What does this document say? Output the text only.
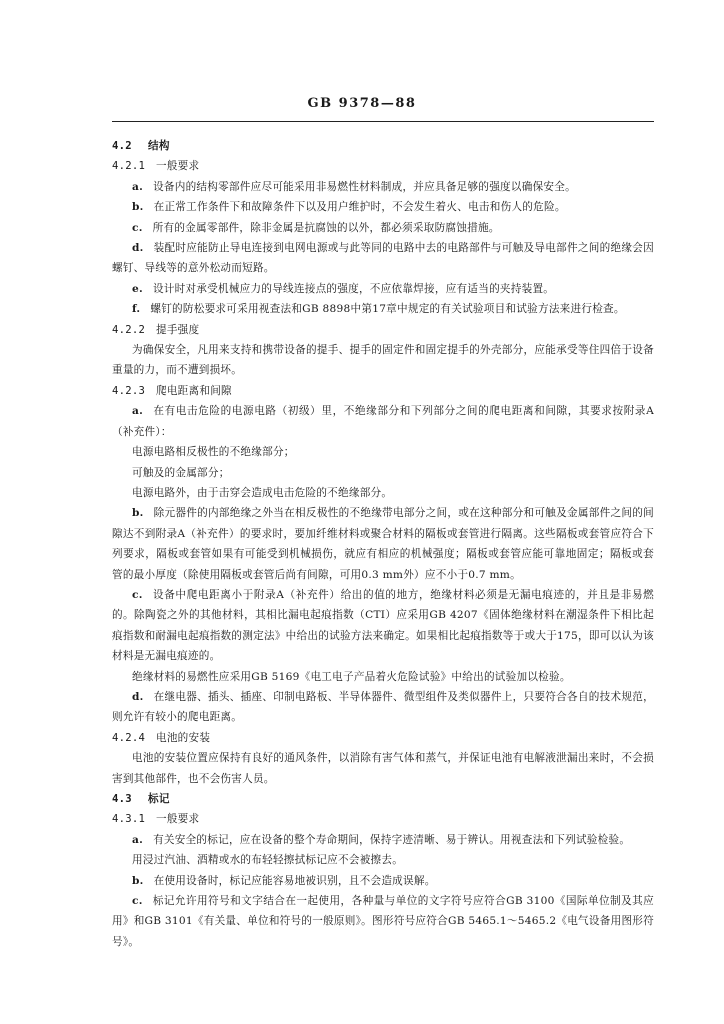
GB 9378—88
4.2 结构
4.2.1 一般要求
a. 设备内的结构零部件应尽可能采用非易燃性材料制成，并应具备足够的强度以确保安全。
b. 在正常工作条件下和故障条件下以及用户维护时，不会发生着火、电击和伤人的危险。
c. 所有的金属零部件，除非金属是抗腐蚀的以外，都必须采取防腐蚀措施。
d. 装配时应能防止导电连接到电网电源或与此等同的电路中去的电路部件与可触及导电部件之间的绝缘会因螺钉、导线等的意外松动而短路。
e. 设计时对承受机械应力的导线连接点的强度，不应依靠焊接，应有适当的夹持装置。
f. 螺钉的防松要求可采用视查法和GB 8898中第17章中规定的有关试验项目和试验方法来进行检查。
4.2.2 提手强度
为确保安全，凡用来支持和携带设备的提手、提手的固定件和固定提手的外壳部分，应能承受等住四倍于设备重量的力，而不遭到损坏。
4.2.3 爬电距离和间隙
a. 在有电击危险的电源电路（初级）里，不绝缘部分和下列部分之间的爬电距离和间隙，其要求按附录A（补充件）：
电源电路相反极性的不绝缘部分；
可触及的金属部分；
电源电路外，由于击穿会造成电击危险的不绝缘部分。
b. 除元器件的内部绝缘之外当在相反极性的不绝缘带电部分之间，或在这种部分和可触及金属部件之间的间隙达不到附录A（补充件）的要求时，要加纤维材料或聚合材料的隔板或套管进行隔离。这些隔板或套管应符合下列要求，隔板或套管如果有可能受到机械损伤，就应有相应的机械强度；隔板或套管应能可靠地固定；隔板或套管的最小厚度（除使用隔板或套管后尚有间隙，可用0.3 mm外）应不小于0.7 mm。
c. 设备中爬电距离小于附录A（补充件）给出的值的地方，绝缘材料必须是无漏电痕迹的，并且是非易燃的。除陶瓷之外的其他材料，其相比漏电起痕指数（CTI）应采用GB 4207《固体绝缘材料在潮湿条件下相比起痕指数和耐漏电起痕指数的测定法》中给出的试验方法来确定。如果相比起痕指数等于或大于175，即可以认为该材料是无漏电痕迹的。
绝缘材料的易燃性应采用GB 5169《电工电子产品着火危险试验》中给出的试验加以检验。
d. 在继电器、插头、插座、印制电路板、半导体器件、微型组件及类似器件上，只要符合各自的技术规范，则允许有较小的爬电距离。
4.2.4 电池的安装
电池的安装位置应保持有良好的通风条件，以消除有害气体和蒸气，并保证电池有电解液泄漏出来时，不会损害到其他部件，也不会伤害人员。
4.3 标记
4.3.1 一般要求
a. 有关安全的标记，应在设备的整个寿命期间，保持字迹清晰、易于辨认。用视查法和下列试验检验。
用浸过汽油、酒精或水的布轻轻擦拭标记应不会被擦去。
b. 在使用设备时，标记应能容易地被识别，且不会造成误解。
c. 标记允许用符号和文字结合在一起使用，各种量与单位的文字符号应符合GB 3100《国际单位制及其应用》和GB 3101《有关量、单位和符号的一般原则》。图形符号应符合GB 5465.1～5465.2《电气设备用图形符号》。
